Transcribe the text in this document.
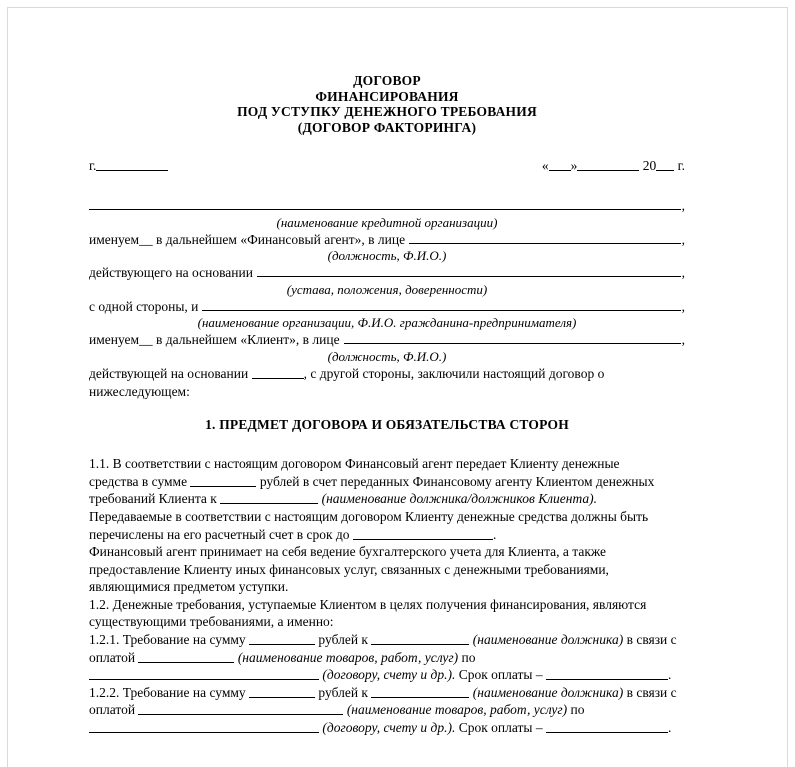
ДОГОВОР
ФИНАНСИРОВАНИЯ
ПОД УСТУПКУ ДЕНЕЖНОГО ТРЕБОВАНИЯ
(ДОГОВОР ФАКТОРИНГА)
г.	« »	20 г.
,
(наименование кредитной организации)
именуем__ в дальнейшем «Финансовый агент», в лице	,
(должность, Ф.И.О.)
действующего на основании	,
(устава, положения, доверенности)
с одной стороны, и	,
(наименование организации, Ф.И.О. гражданина-предпринимателя)
именуем__ в дальнейшем «Клиент», в лице	,
(должность, Ф.И.О.)
действующей на основании	, с другой стороны, заключили настоящий договор о
нижеследующем:
1. ПРЕДМЕТ ДОГОВОРА И ОБЯЗАТЕЛЬСТВА СТОРОН
1.1. В соответствии с настоящим договором Финансовый агент передает Клиенту денежные
средства в сумме	рублей в счет переданных Финансовому агенту Клиентом денежных
требований Клиента к	(наименование должника/должников Клиента).
Передаваемые в соответствии с настоящим договором Клиенту денежные средства должны быть
перечислены на его расчетный счет в срок до	.
Финансовый агент принимает на себя ведение бухгалтерского учета для Клиента, а также
предоставление Клиенту иных финансовых услуг, связанных с денежными требованиями,
являющимися предметом уступки.
1.2. Денежные требования, уступаемые Клиентом в целях получения финансирования, являются
существующими требованиями, а именно:
1.2.1. Требование на сумму	рублей к	(наименование должника) в связи с
оплатой	(наименование товаров, работ, услуг) по
(договору, счету и др.). Срок оплаты –	.
1.2.2. Требование на сумму	рублей к	(наименование должника) в связи с
оплатой	(наименование товаров, работ, услуг) по
(договору, счету и др.). Срок оплаты –	.
